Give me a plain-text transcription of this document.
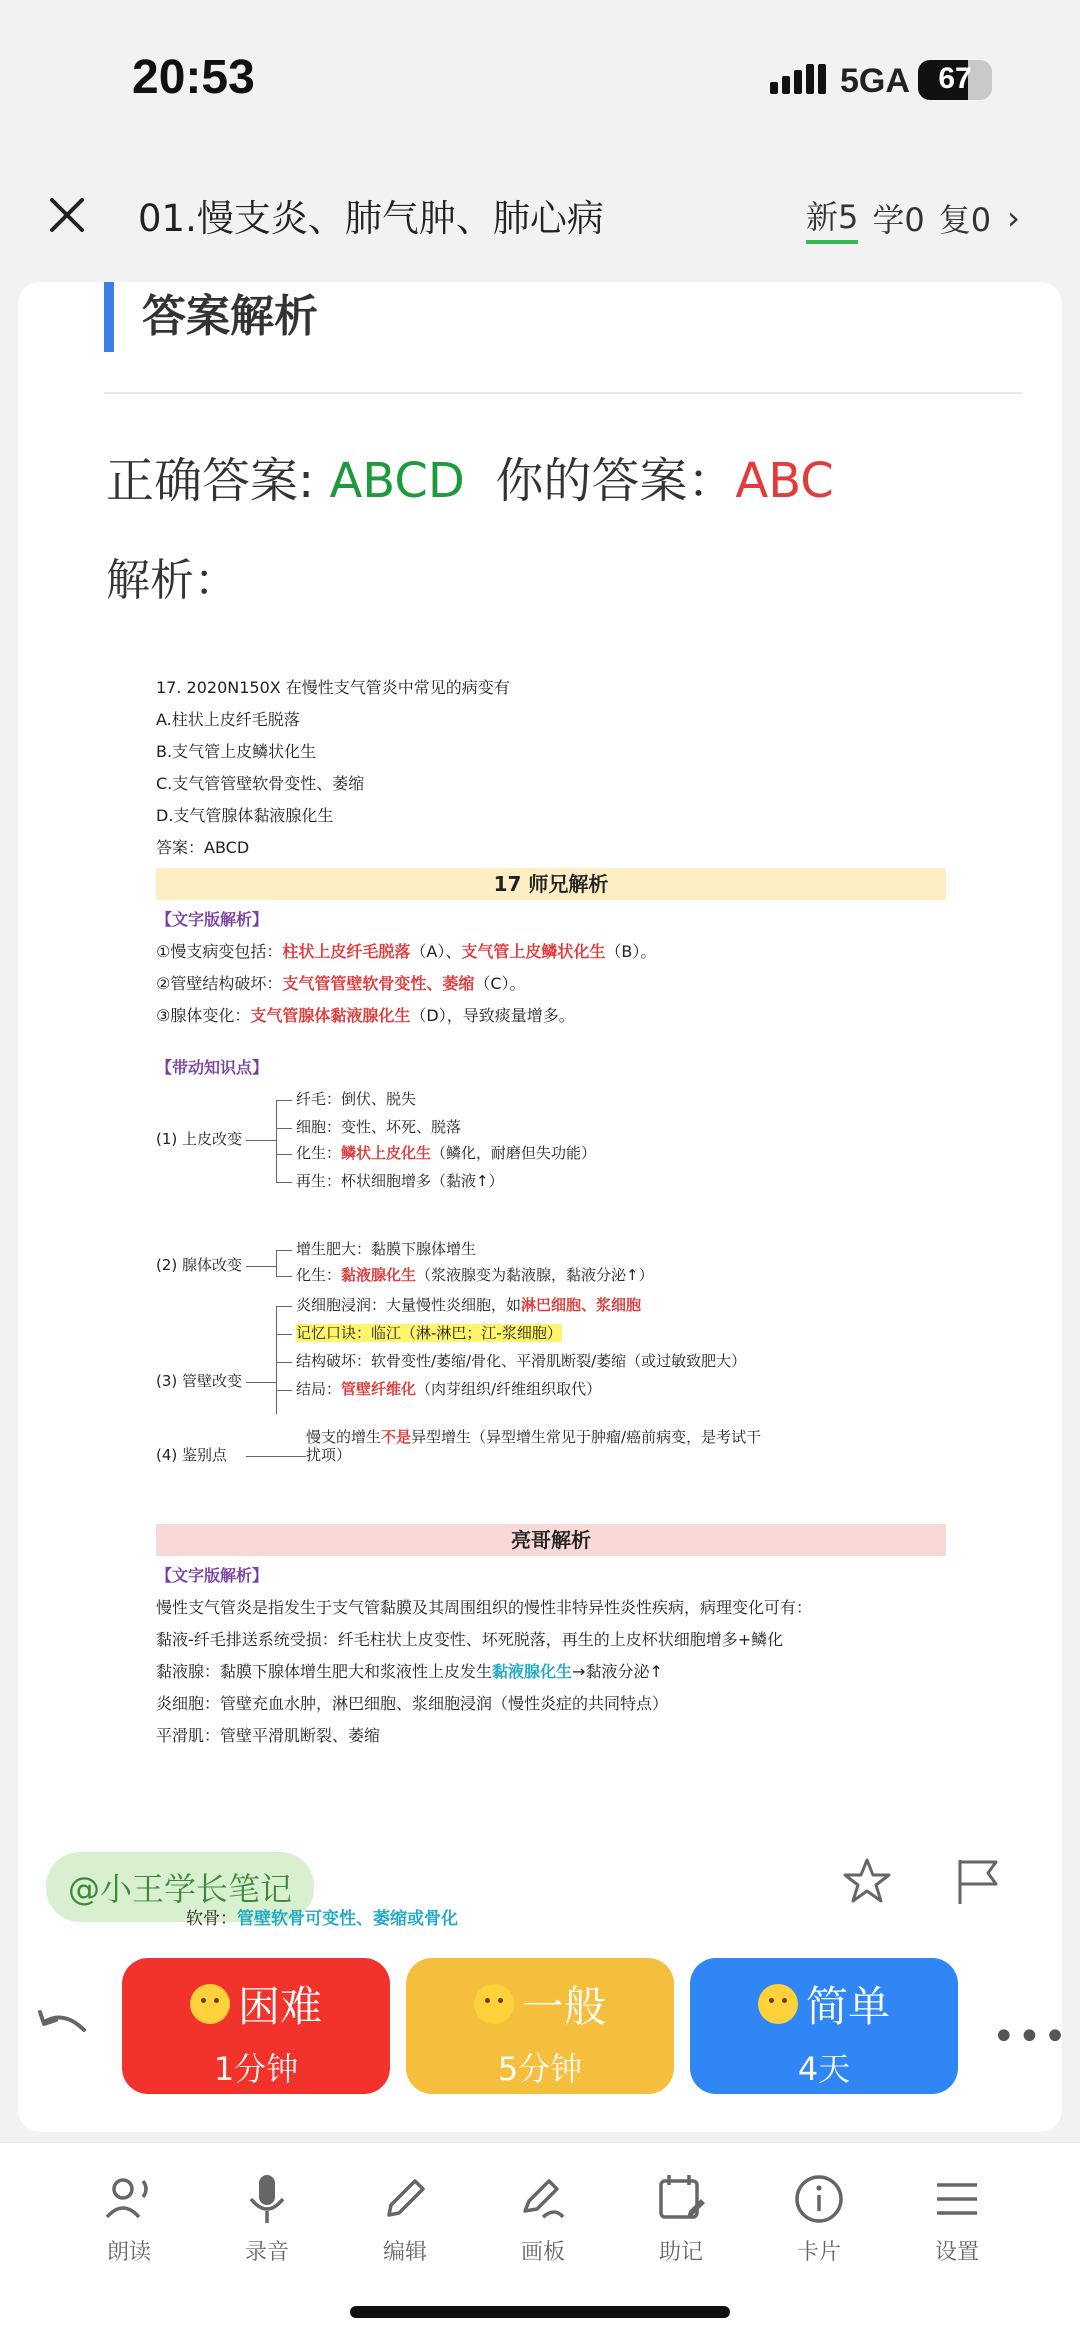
20:53	5GA 67
01.慢支炎、肺气肿、肺心病	新5 学0 复0 ›
答案解析
正确答案: ABCD 你的答案：ABC
解析：
17. 2020N150X 在慢性支气管炎中常见的病变有
A.柱状上皮纤毛脱落
B.支气管上皮鳞状化生
C.支气管管壁软骨变性、萎缩
D.支气管腺体黏液腺化生
答案：ABCD
17 师兄解析
【文字版解析】
①慢支病变包括： 柱状上皮纤毛脱落 （A）、 支气管上皮鳞状化生 （B）。
②管壁结构破坏： 支气管管壁软骨变性、萎缩 （C）。
③腺体变化： 支气管腺体黏液腺化生 （D），导致痰量增多。
【带动知识点】
(1) 上皮改变
纤毛：倒伏、脱失
细胞：变性、坏死、脱落
化生：鳞状上皮化生（鳞化，耐磨但失功能）
再生：杯状细胞增多（黏液↑）
(2) 腺体改变
增生肥大：黏膜下腺体增生
化生：黏液腺化生（浆液腺变为黏液腺，黏液分泌↑）
(3) 管壁改变
炎细胞浸润：大量慢性炎细胞，如淋巴细胞、浆细胞
记忆口诀：临江（淋-淋巴；江-浆细胞）
结构破坏：软骨变性/萎缩/骨化、平滑肌断裂/萎缩（或过敏致肥大）
结局：管壁纤维化（肉芽组织/纤维组织取代）
(4) 鉴别点
慢支的增生不是异型增生（异型增生常见于肿瘤/癌前病变，是考试干扰项）
亮哥解析
【文字版解析】
慢性支气管炎是指发生于支气管黏膜及其周围组织的慢性非特异性炎性疾病，病理变化可有：
黏液-纤毛排送系统受损：纤毛柱状上皮变性、坏死脱落，再生的上皮杯状细胞增多+鳞化
黏液腺：黏膜下腺体增生肥大和浆液性上皮发生 黏液腺化生 →黏液分泌↑
炎细胞：管壁充血水肿，淋巴细胞、浆细胞浸润（慢性炎症的共同特点）
平滑肌：管壁平滑肌断裂、萎缩
@小王学长笔记
软骨：管壁软骨可变性、萎缩或骨化
困难
1分钟
一般
5分钟
简单
4天
•••
朗读	录音	编辑	画板	助记	卡片	设置
